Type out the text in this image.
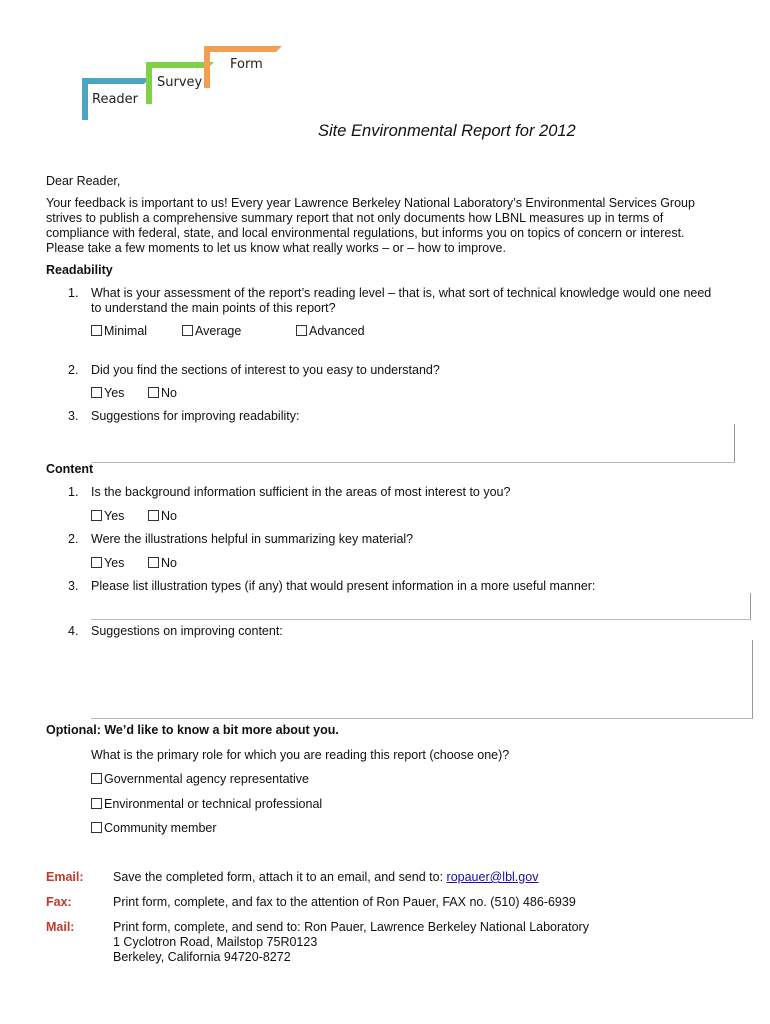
Reader
Survey
Form
Site Environmental Report for 2012
Dear Reader,
Your feedback is important to us! Every year Lawrence Berkeley National Laboratory’s Environmental Services Group
strives to publish a comprehensive summary report that not only documents how LBNL measures up in terms of
compliance with federal, state, and local environmental regulations, but informs you on topics of concern or interest.
Please take a few moments to let us know what really works – or – how to improve.
Readability
1. What is your assessment of the report’s reading level – that is, what sort of technical knowledge would one need
to understand the main points of this report?
Minimal	Average	Advanced
2. Did you find the sections of interest to you easy to understand?
Yes	No
3. Suggestions for improving readability:
Content
1. Is the background information sufficient in the areas of most interest to you?
Yes	No
2. Were the illustrations helpful in summarizing key material?
Yes	No
3. Please list illustration types (if any) that would present information in a more useful manner:
4. Suggestions on improving content:
Optional: We’d like to know a bit more about you.
What is the primary role for which you are reading this report (choose one)?
Governmental agency representative
Environmental or technical professional
Community member
Email: Save the completed form, attach it to an email, and send to: ropauer@lbl.gov
Fax:	Print form, complete, and fax to the attention of Ron Pauer, FAX no. (510) 486-6939
Mail:	Print form, complete, and send to: Ron Pauer, Lawrence Berkeley National Laboratory
1 Cyclotron Road, Mailstop 75R0123
Berkeley, California 94720-8272
